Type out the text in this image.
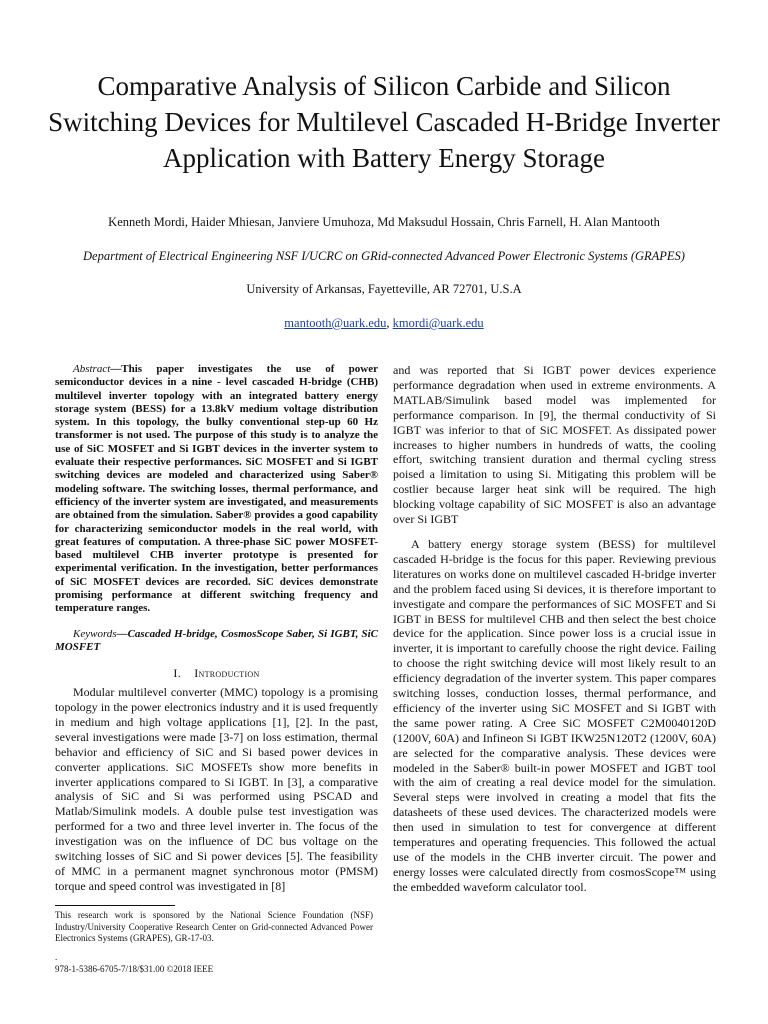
Comparative Analysis of Silicon Carbide and Silicon Switching Devices for Multilevel Cascaded H-Bridge Inverter Application with Battery Energy Storage
Kenneth Mordi, Haider Mhiesan, Janviere Umuhoza, Md Maksudul Hossain, Chris Farnell, H. Alan Mantooth
Department of Electrical Engineering NSF I/UCRC on GRid-connected Advanced Power Electronic Systems (GRAPES)
University of Arkansas, Fayetteville, AR 72701, U.S.A
mantooth@uark.edu, kmordi@uark.edu

Abstract—This paper investigates the use of power semiconductor devices in a nine - level cascaded H-bridge (CHB) multilevel inverter topology with an integrated battery energy storage system (BESS) for a 13.8kV medium voltage distribution system. In this topology, the bulky conventional step-up 60 Hz transformer is not used. The purpose of this study is to analyze the use of SiC MOSFET and Si IGBT devices in the inverter system to evaluate their respective performances. SiC MOSFET and Si IGBT switching devices are modeled and characterized using Saber® modeling software. The switching losses, thermal performance, and efficiency of the inverter system are investigated, and measurements are obtained from the simulation. Saber® provides a good capability for characterizing semiconductor models in the real world, with great features of computation. A three-phase SiC power MOSFET-based multilevel CHB inverter prototype is presented for experimental verification. In the investigation, better performances of SiC MOSFET devices are recorded. SiC devices demonstrate promising performance at different switching frequency and temperature ranges.

Keywords—Cascaded H-bridge, CosmosScope Saber, Si IGBT, SiC MOSFET

I. Introduction

Modular multilevel converter (MMC) topology is a promising topology in the power electronics industry and it is used frequently in medium and high voltage applications [1], [2]. In the past, several investigations were made [3-7] on loss estimation, thermal behavior and efficiency of SiC and Si based power devices in converter applications. SiC MOSFETs show more benefits in inverter applications compared to Si IGBT. In [3], a comparative analysis of SiC and Si was performed using PSCAD and Matlab/Simulink models. A double pulse test investigation was performed for a two and three level inverter in. The focus of the investigation was on the influence of DC bus voltage on the switching losses of SiC and Si power devices [5]. The feasibility of MMC in a permanent magnet synchronous motor (PMSM) torque and speed control was investigated in [8]

and was reported that Si IGBT power devices experience performance degradation when used in extreme environments. A MATLAB/Simulink based model was implemented for performance comparison. In [9], the thermal conductivity of Si IGBT was inferior to that of SiC MOSFET. As dissipated power increases to higher numbers in hundreds of watts, the cooling effort, switching transient duration and thermal cycling stress poised a limitation to using Si. Mitigating this problem will be costlier because larger heat sink will be required. The high blocking voltage capability of SiC MOSFET is also an advantage over Si IGBT

A battery energy storage system (BESS) for multilevel cascaded H-bridge is the focus for this paper. Reviewing previous literatures on works done on multilevel cascaded H-bridge inverter and the problem faced using Si devices, it is therefore important to investigate and compare the performances of SiC MOSFET and Si IGBT in BESS for multilevel CHB and then select the best choice device for the application. Since power loss is a crucial issue in inverter, it is important to carefully choose the right device. Failing to choose the right switching device will most likely result to an efficiency degradation of the inverter system. This paper compares switching losses, conduction losses, thermal performance, and efficiency of the inverter using SiC MOSFET and Si IGBT with the same power rating. A Cree SiC MOSFET C2M0040120D (1200V, 60A) and Infineon Si IGBT IKW25N120T2 (1200V, 60A) are selected for the comparative analysis. These devices were modeled in the Saber® built-in power MOSFET and IGBT tool with the aim of creating a real device model for the simulation. Several steps were involved in creating a model that fits the datasheets of these used devices. The characterized models were then used in simulation to test for convergence at different temperatures and operating frequencies. This followed the actual use of the models in the CHB inverter circuit. The power and energy losses were calculated directly from cosmosScope™ using the embedded waveform calculator tool.

This research work is sponsored by the National Science Foundation (NSF) Industry/University Cooperative Research Center on Grid-connected Advanced Power Electronics Systems (GRAPES), GR-17-03.
.
978-1-5386-6705-7/18/$31.00 ©2018 IEEE
